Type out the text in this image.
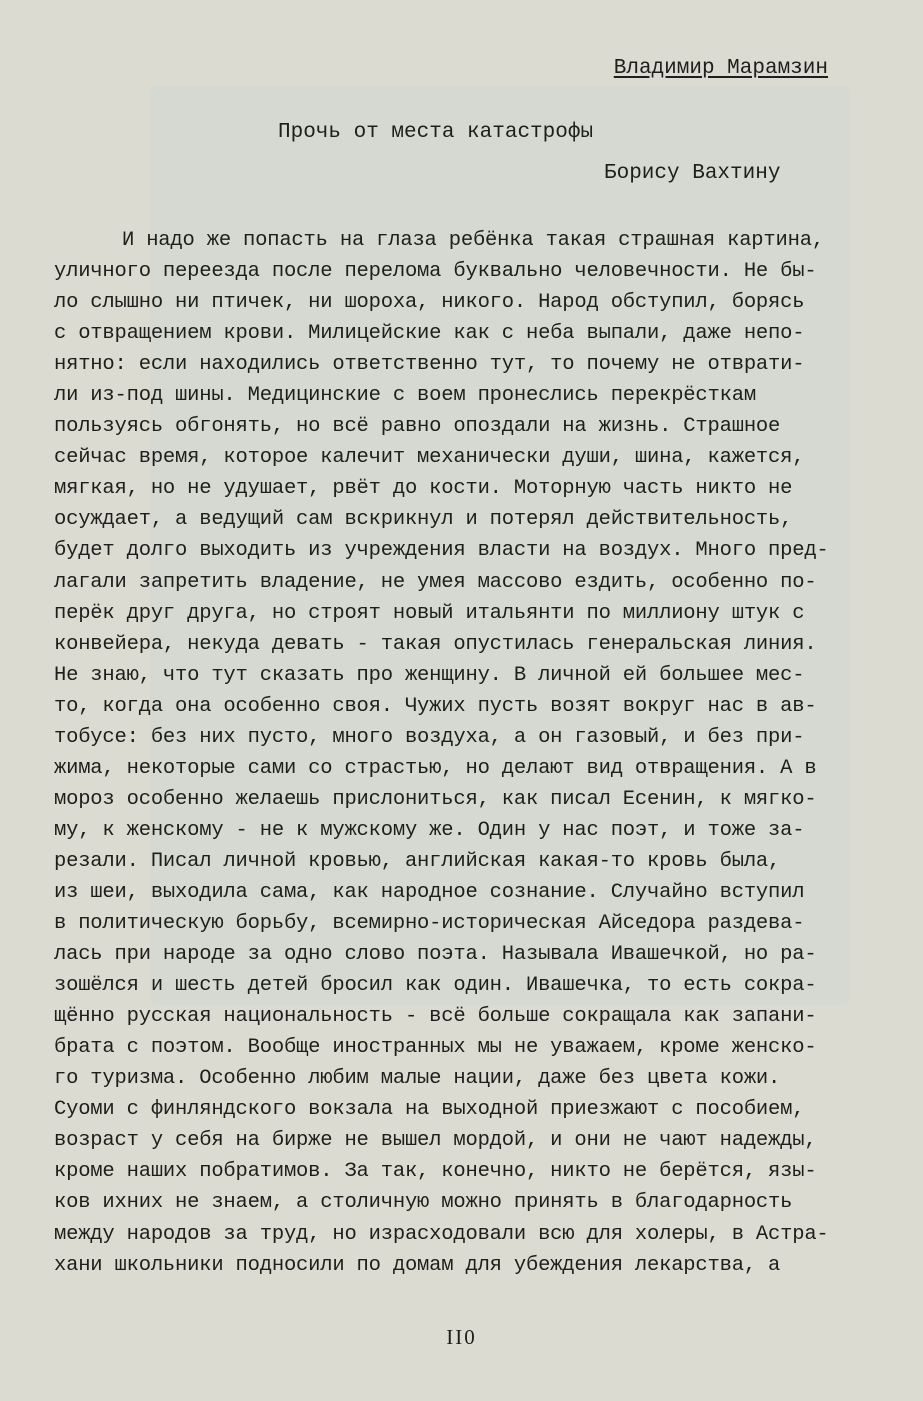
Владимир Марамзин
Прочь от места катастрофы
Борису Вахтину
И надо же попасть на глаза ребёнка такая страшная картина,
уличного переезда после перелома буквально человечности. Не бы-
ло слышно ни птичек, ни шороха, никого. Народ обступил, борясь
с отвращением крови. Милицейские как с неба выпали, даже непо-
нятно: если находились ответственно тут, то почему не отврати-
ли из-под шины. Медицинские с воем пронеслись перекрёсткам
пользуясь обгонять, но всё равно опоздали на жизнь. Страшное
сейчас время, которое калечит механически души, шина, кажется,
мягкая, но не удушает, рвёт до кости. Моторную часть никто не
осуждает, а ведущий сам вскрикнул и потерял действительность,
будет долго выходить из учреждения власти на воздух. Много пред-
лагали запретить владение, не умея массово ездить, особенно по-
перёк друг друга, но строят новый итальянти по миллиону штук с
конвейера, некуда девать - такая опустилась генеральская линия.
Не знаю, что тут сказать про женщину. В личной ей большее мес-
то, когда она особенно своя. Чужих пусть возят вокруг нас в ав-
тобусе: без них пусто, много воздуха, а он газовый, и без при-
жима, некоторые сами со страстью, но делают вид отвращения. А в
мороз особенно желаешь прислониться, как писал Есенин, к мягко-
му, к женскому - не к мужскому же. Один у нас поэт, и тоже за-
резали. Писал личной кровью, английская какая-то кровь была,
из шеи, выходила сама, как народное сознание. Случайно вступил
в политическую борьбу, всемирно-историческая Айседора раздева-
лась при народе за одно слово поэта. Называла Ивашечкой, но ра-
зошёлся и шесть детей бросил как один. Ивашечка, то есть сокра-
щённо русская национальность - всё больше сокращала как запани-
брата с поэтом. Вообще иностранных мы не уважаем, кроме женско-
го туризма. Особенно любим малые нации, даже без цвета кожи.
Суоми с финляндского вокзала на выходной приезжают с пособием,
возраст у себя на бирже не вышел мордой, и они не чают надежды,
кроме наших побратимов. За так, конечно, никто не берётся, язы-
ков ихних не знаем, а столичную можно принять в благодарность
между народов за труд, но израсходовали всю для холеры, в Астра-
хани школьники подносили по домам для убеждения лекарства, а
II0
